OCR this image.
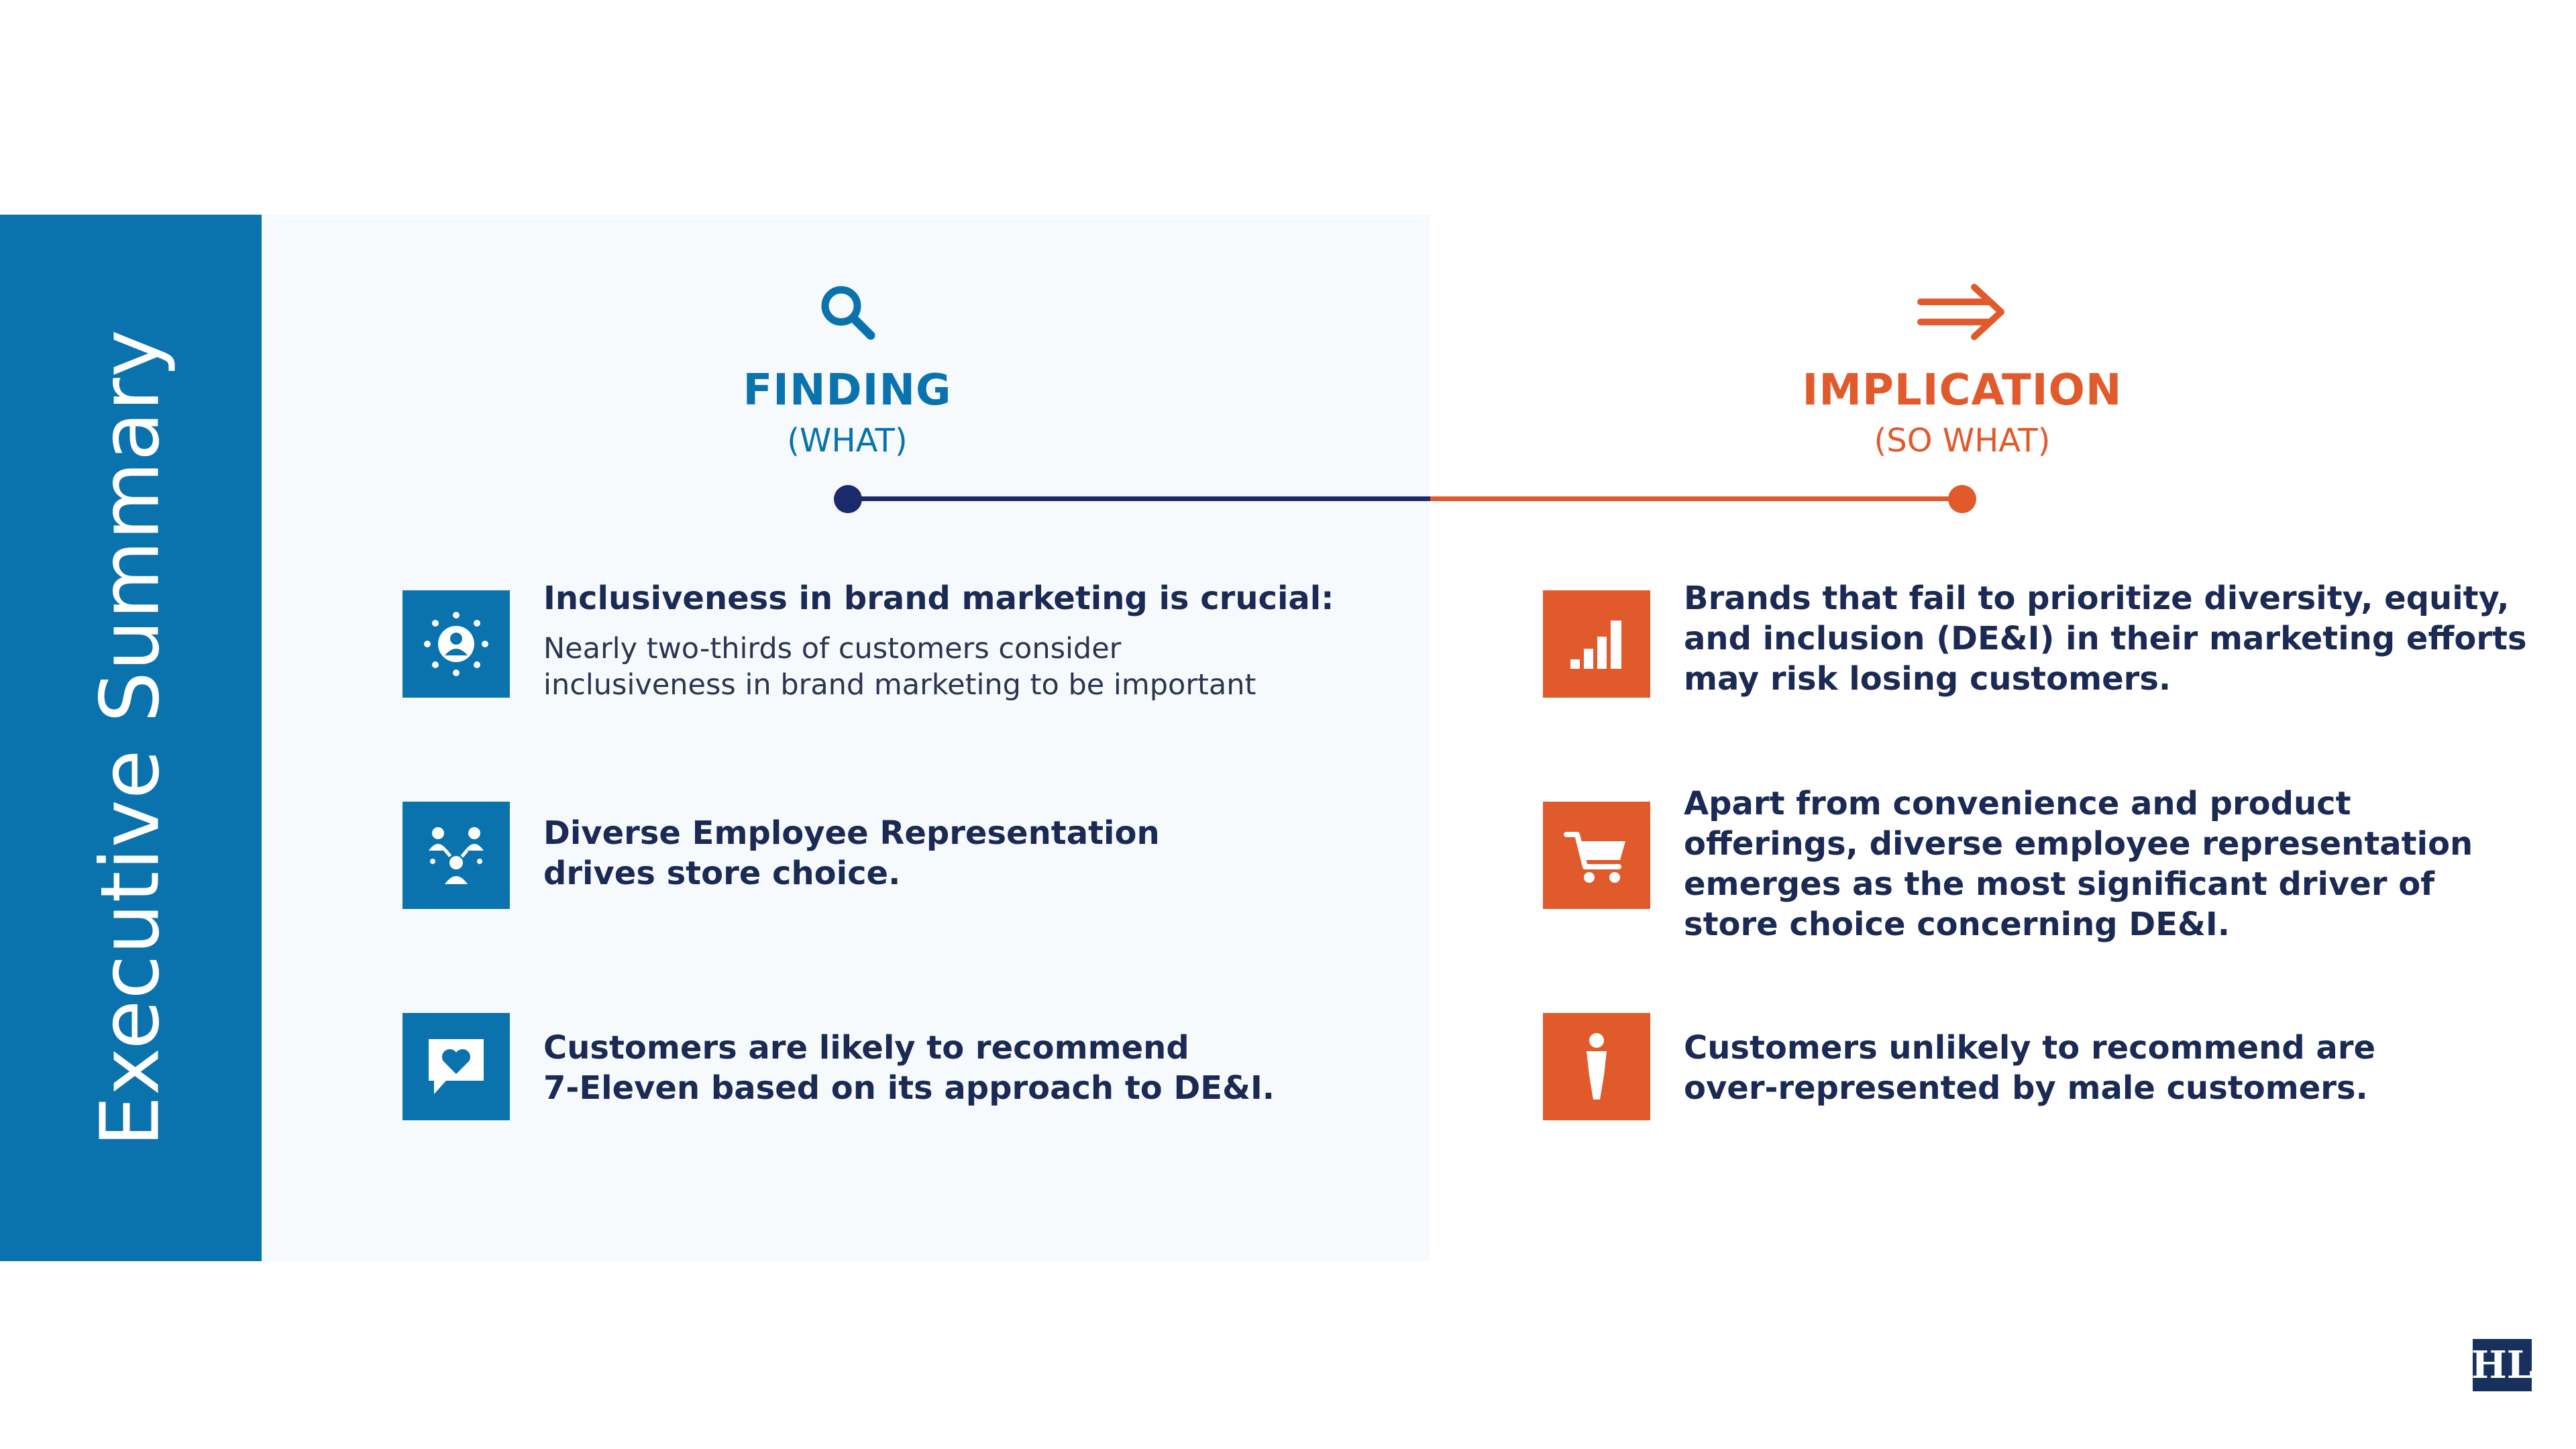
Executive Summary	FINDING
(WHAT)
IMPLICATION
(SO WHAT)
Inclusiveness in brand marketing is crucial:
Nearly two-thirds of customers consider
inclusiveness in brand marketing to be important
Diverse Employee Representation
drives store choice.
Customers are likely to recommend
7-Eleven based on its approach to DE&I.
Brands that fail to prioritize diversity, equity,
and inclusion (DE&I) in their marketing efforts
may risk losing customers.
Apart from convenience and product
offerings, diverse employee representation
emerges as the most significant driver of
store choice concerning DE&I.
Customers unlikely to recommend are
over-represented by male customers.
HL
